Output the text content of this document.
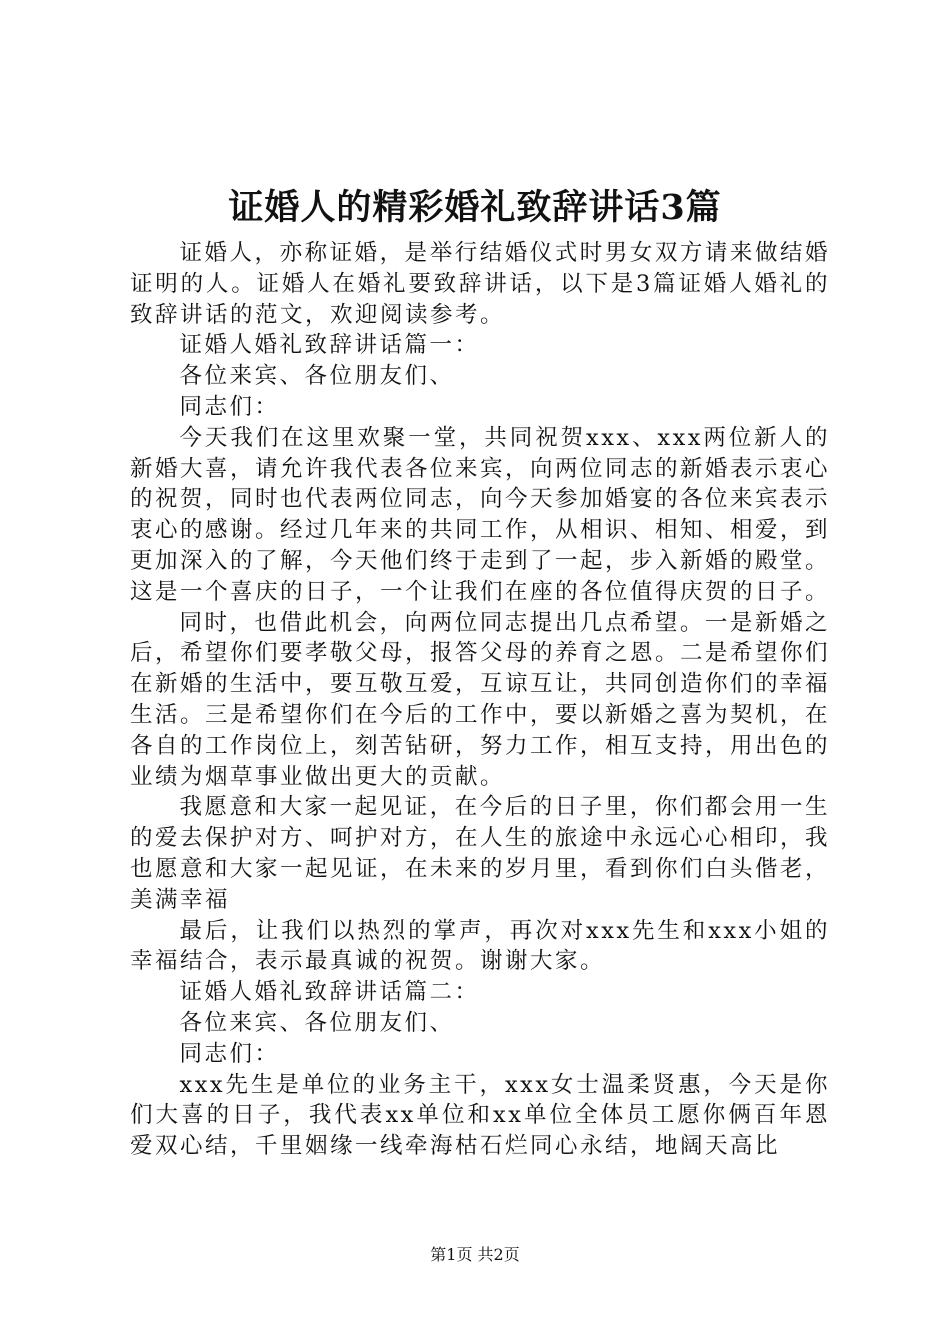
证婚人的精彩婚礼致辞讲话3篇

证婚人，亦称证婚，是举行结婚仪式时男女双方请来做结婚证明的人。证婚人在婚礼要致辞讲话，以下是3篇证婚人婚礼的致辞讲话的范文，欢迎阅读参考。

证婚人婚礼致辞讲话篇一：

各位来宾、各位朋友们、

同志们：

今天我们在这里欢聚一堂，共同祝贺xxx、xxx两位新人的新婚大喜，请允许我代表各位来宾，向两位同志的新婚表示衷心的祝贺，同时也代表两位同志，向今天参加婚宴的各位来宾表示衷心的感谢。经过几年来的共同工作，从相识、相知、相爱，到更加深入的了解，今天他们终于走到了一起，步入新婚的殿堂。这是一个喜庆的日子，一个让我们在座的各位值得庆贺的日子。

同时，也借此机会，向两位同志提出几点希望。一是新婚之后，希望你们要孝敬父母，报答父母的养育之恩。二是希望你们在新婚的生活中，要互敬互爱，互谅互让，共同创造你们的幸福生活。三是希望你们在今后的工作中，要以新婚之喜为契机，在各自的工作岗位上，刻苦钻研，努力工作，相互支持，用出色的业绩为烟草事业做出更大的贡献。

我愿意和大家一起见证，在今后的日子里，你们都会用一生的爱去保护对方、呵护对方，在人生的旅途中永远心心相印，我也愿意和大家一起见证，在未来的岁月里，看到你们白头偕老，美满幸福

最后，让我们以热烈的掌声，再次对xxx先生和xxx小姐的幸福结合，表示最真诚的祝贺。谢谢大家。

证婚人婚礼致辞讲话篇二：

各位来宾、各位朋友们、

同志们：

xxx先生是单位的业务主干，xxx女士温柔贤惠，今天是你们大喜的日子，我代表xx单位和xx单位全体员工愿你俩百年恩爱双心结，千里姻缘一线牵海枯石烂同心永结，地阔天高比

第1页 共2页
